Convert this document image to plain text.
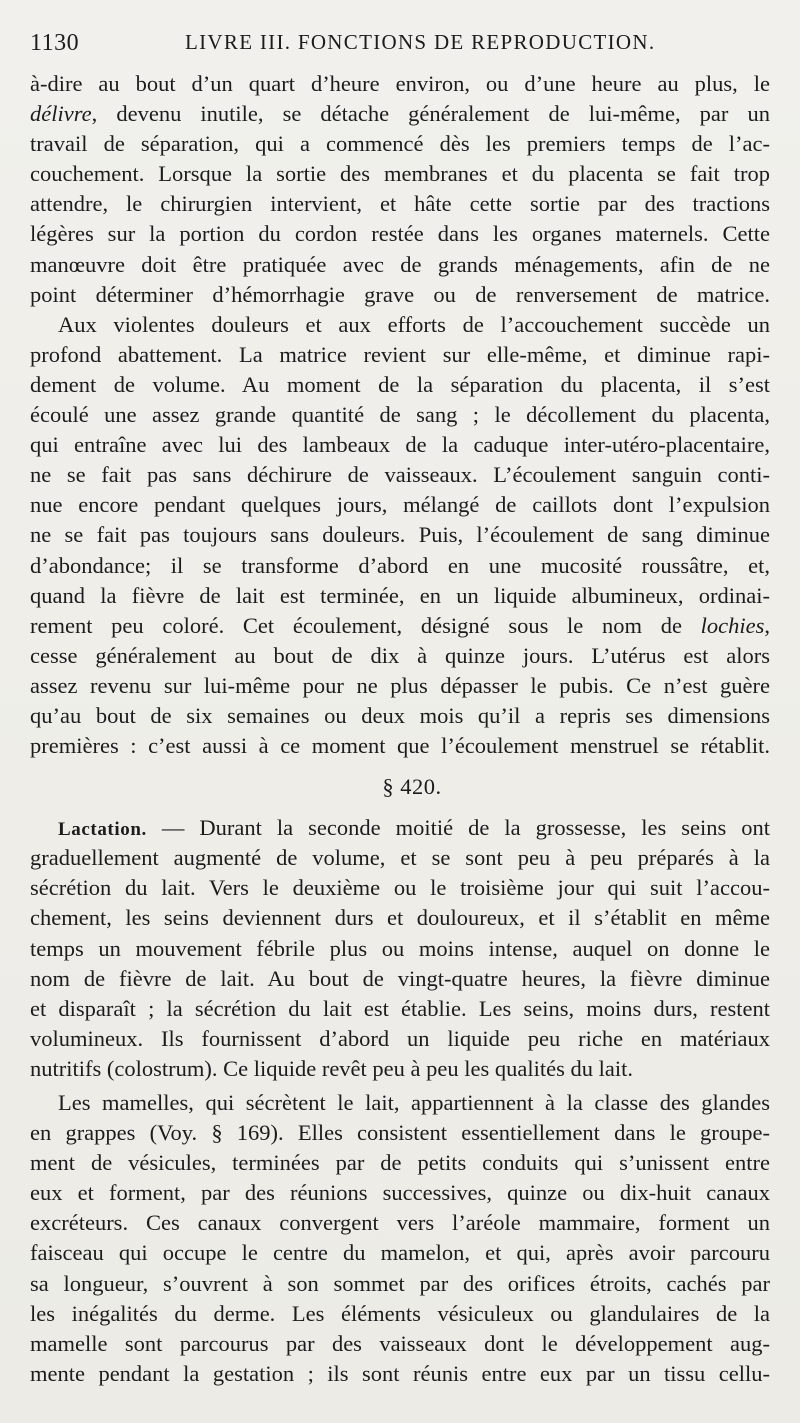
1130	LIVRE III. FONCTIONS DE REPRODUCTION.
à-dire au bout d’un quart d’heure environ, ou d’une heure au plus, le
délivre, devenu inutile, se détache généralement de lui-même, par un
travail de séparation, qui a commencé dès les premiers temps de l’ac-
couchement. Lorsque la sortie des membranes et du placenta se fait trop
attendre, le chirurgien intervient, et hâte cette sortie par des tractions
légères sur la portion du cordon restée dans les organes maternels. Cette
manœuvre doit être pratiquée avec de grands ménagements, afin de ne
point déterminer d’hémorrhagie grave ou de renversement de matrice.
Aux violentes douleurs et aux efforts de l’accouchement succède un
profond abattement. La matrice revient sur elle-même, et diminue rapi-
dement de volume. Au moment de la séparation du placenta, il s’est
écoulé une assez grande quantité de sang ; le décollement du placenta,
qui entraîne avec lui des lambeaux de la caduque inter-utéro-placentaire,
ne se fait pas sans déchirure de vaisseaux. L’écoulement sanguin conti-
nue encore pendant quelques jours, mélangé de caillots dont l’expulsion
ne se fait pas toujours sans douleurs. Puis, l’écoulement de sang diminue
d’abondance; il se transforme d’abord en une mucosité roussâtre, et,
quand la fièvre de lait est terminée, en un liquide albumineux, ordinai-
rement peu coloré. Cet écoulement, désigné sous le nom de lochies,
cesse généralement au bout de dix à quinze jours. L’utérus est alors
assez revenu sur lui-même pour ne plus dépasser le pubis. Ce n’est guère
qu’au bout de six semaines ou deux mois qu’il a repris ses dimensions
premières : c’est aussi à ce moment que l’écoulement menstruel se rétablit.
§ 420.
Lactation. — Durant la seconde moitié de la grossesse, les seins ont
graduellement augmenté de volume, et se sont peu à peu préparés à la
sécrétion du lait. Vers le deuxième ou le troisième jour qui suit l’accou-
chement, les seins deviennent durs et douloureux, et il s’établit en même
temps un mouvement fébrile plus ou moins intense, auquel on donne le
nom de fièvre de lait. Au bout de vingt-quatre heures, la fièvre diminue
et disparaît ; la sécrétion du lait est établie. Les seins, moins durs, restent
volumineux. Ils fournissent d’abord un liquide peu riche en matériaux
nutritifs (colostrum). Ce liquide revêt peu à peu les qualités du lait.
Les mamelles, qui sécrètent le lait, appartiennent à la classe des glandes
en grappes (Voy. § 169). Elles consistent essentiellement dans le groupe-
ment de vésicules, terminées par de petits conduits qui s’unissent entre
eux et forment, par des réunions successives, quinze ou dix-huit canaux
excréteurs. Ces canaux convergent vers l’aréole mammaire, forment un
faisceau qui occupe le centre du mamelon, et qui, après avoir parcouru
sa longueur, s’ouvrent à son sommet par des orifices étroits, cachés par
les inégalités du derme. Les éléments vésiculeux ou glandulaires de la
mamelle sont parcourus par des vaisseaux dont le développement aug-
mente pendant la gestation ; ils sont réunis entre eux par un tissu cellu-
